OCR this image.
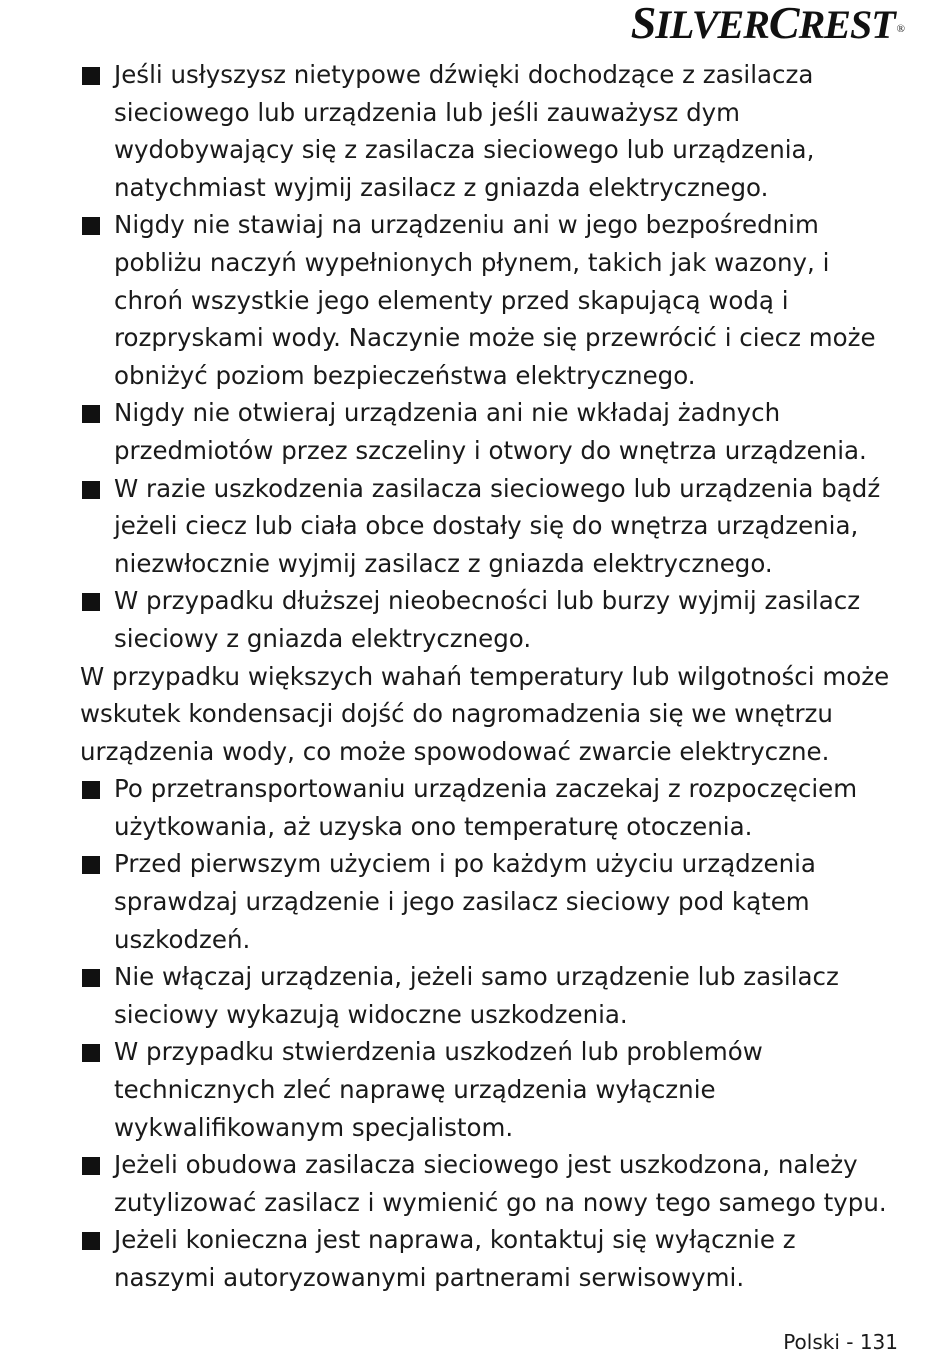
SILVERCREST ®
Jeśli usłyszysz nietypowe dźwięki dochodzące z zasilacza sieciowego lub urządzenia lub jeśli zauważysz dym wydobywający się z zasilacza sieciowego lub urządzenia, natychmiast wyjmij zasilacz z gniazda elektrycznego.
Nigdy nie stawiaj na urządzeniu ani w jego bezpośrednim pobliżu naczyń wypełnionych płynem, takich jak wazony, i chroń wszystkie jego elementy przed skapującą wodą i rozpryskami wody. Naczynie może się przewrócić i ciecz może obniżyć poziom bezpieczeństwa elektrycznego.
Nigdy nie otwieraj urządzenia ani nie wkładaj żadnych przedmiotów przez szczeliny i otwory do wnętrza urządzenia.
W razie uszkodzenia zasilacza sieciowego lub urządzenia bądź jeżeli ciecz lub ciała obce dostały się do wnętrza urządzenia, niezwłocznie wyjmij zasilacz z gniazda elektrycznego.
W przypadku dłuższej nieobecności lub burzy wyjmij zasilacz sieciowy z gniazda elektrycznego.
W przypadku większych wahań temperatury lub wilgotności może wskutek kondensacji dojść do nagromadzenia się we wnętrzu urządzenia wody, co może spowodować zwarcie elektryczne.
Po przetransportowaniu urządzenia zaczekaj z rozpoczęciem użytkowania, aż uzyska ono temperaturę otoczenia.
Przed pierwszym użyciem i po każdym użyciu urządzenia sprawdzaj urządzenie i jego zasilacz sieciowy pod kątem uszkodzeń.
Nie włączaj urządzenia, jeżeli samo urządzenie lub zasilacz sieciowy wykazują widoczne uszkodzenia.
W przypadku stwierdzenia uszkodzeń lub problemów technicznych zleć naprawę urządzenia wyłącznie wykwalifikowanym specjalistom.
Jeżeli obudowa zasilacza sieciowego jest uszkodzona, należy zutylizować zasilacz i wymienić go na nowy tego samego typu.
Jeżeli konieczna jest naprawa, kontaktuj się wyłącznie z naszymi autoryzowanymi partnerami serwisowymi.
Polski - 131
